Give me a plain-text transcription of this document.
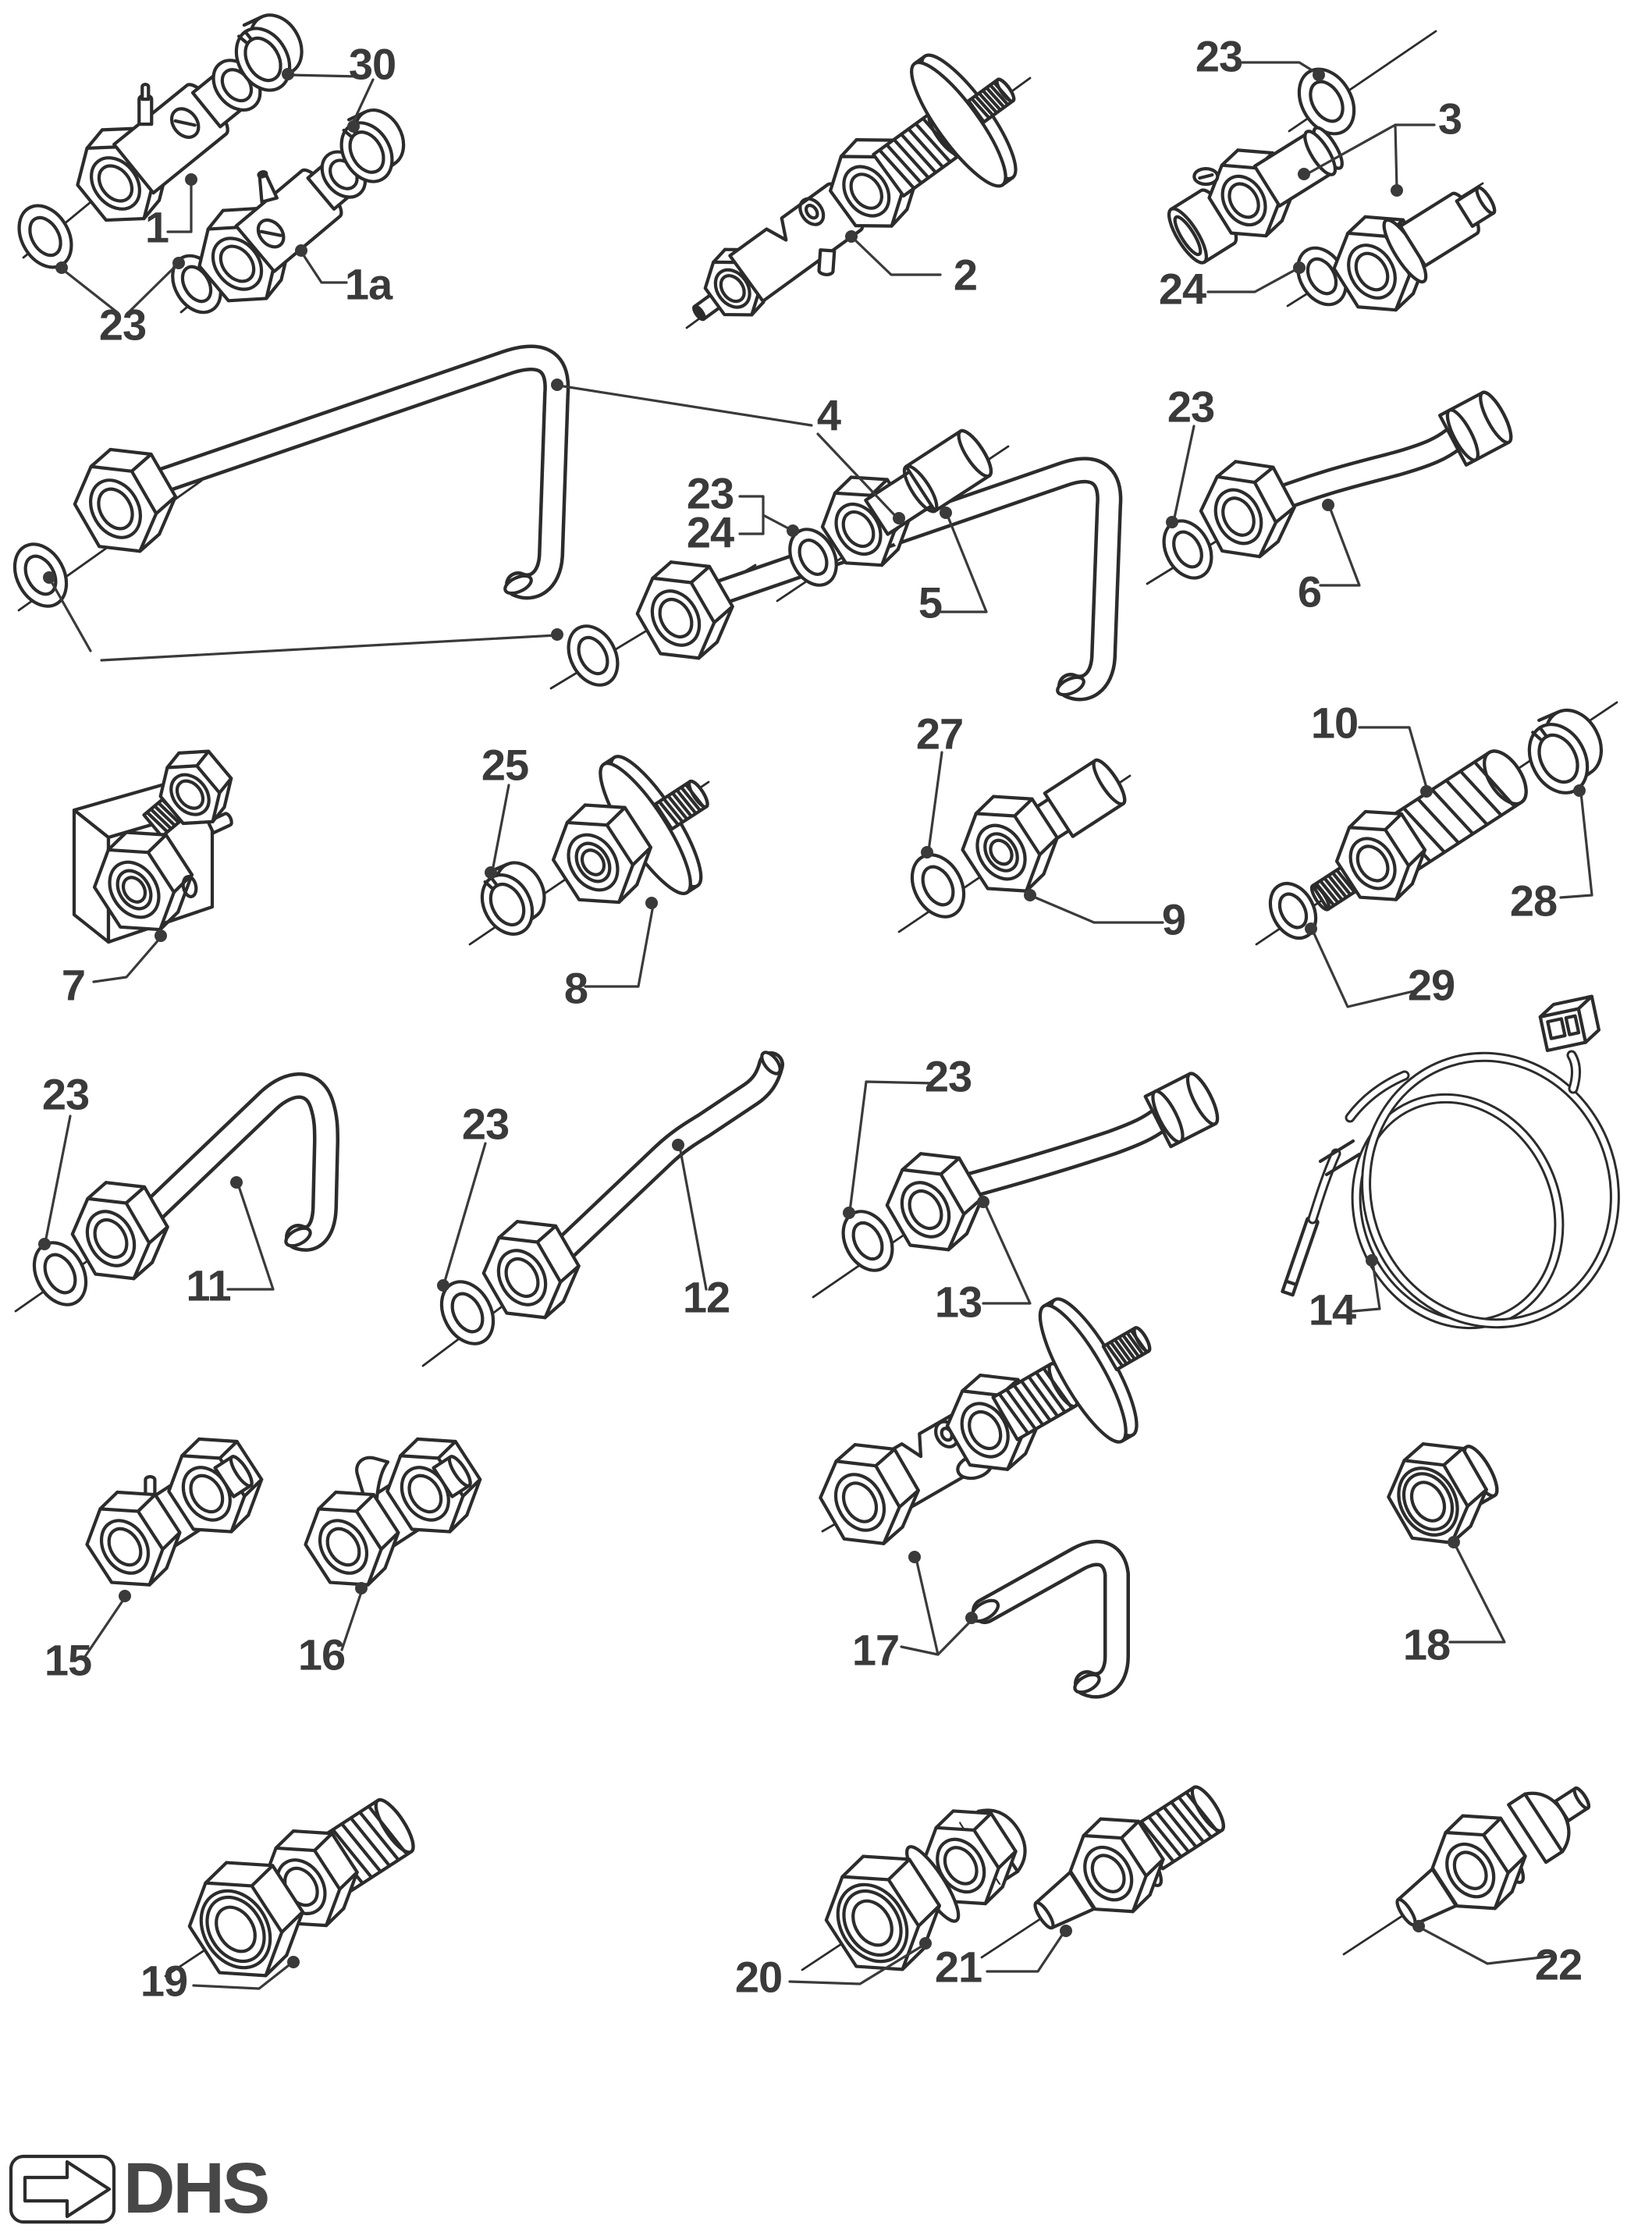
30
1
1a
23
2
23
3
24
4
23
24
5
23
6
7
25
8
27
9
10
28
29
23
11
23
12
23
13	14
15	16	17	18
19	20	21	22
DHS
